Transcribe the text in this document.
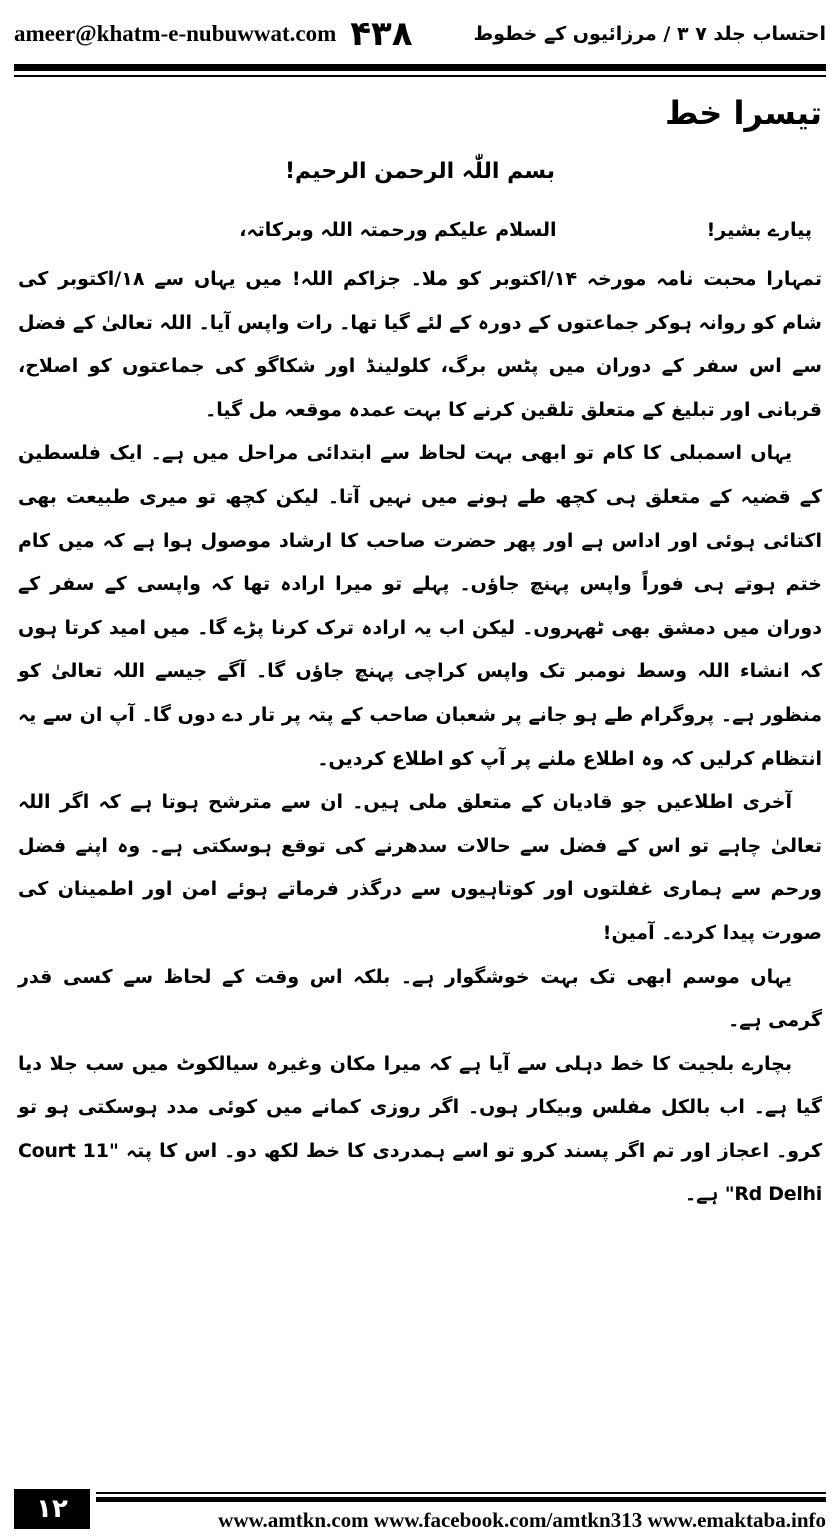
ameer@khatm-e-nubuwwat.com ۴۳۸	احتساب جلد ۷ ۳ / مرزائیوں کے خطوط

تیسرا خط

بسم اللّٰہ الرحمن الرحیم!

پیارے بشیر!
السلام علیکم ورحمتہ اللہ وبرکاتہ،

تمہارا محبت نامہ مورخہ ۱۴/اکتوبر کو ملا۔ جزاکم اللہ! میں یہاں سے ۱۸/اکتوبر کی شام کو روانہ ہوکر جماعتوں کے دورہ کے لئے گیا تھا۔ رات واپس آیا۔ اللہ تعالیٰ کے فضل سے اس سفر کے دوران میں پٹس برگ، کلولینڈ اور شکاگو کی جماعتوں کو اصلاح، قربانی اور تبلیغ کے متعلق تلقین کرنے کا بہت عمدہ موقعہ مل گیا۔

یہاں اسمبلی کا کام تو ابھی بہت لحاظ سے ابتدائی مراحل میں ہے۔ ایک فلسطین کے قضیہ کے متعلق ہی کچھ طے ہونے میں نہیں آتا۔ لیکن کچھ تو میری طبیعت بھی اکتائی ہوئی اور اداس ہے اور پھر حضرت صاحب کا ارشاد موصول ہوا ہے کہ میں کام ختم ہوتے ہی فوراً واپس پہنچ جاؤں۔ پہلے تو میرا ارادہ تھا کہ واپسی کے سفر کے دوران میں دمشق بھی ٹھہروں۔ لیکن اب یہ ارادہ ترک کرنا پڑے گا۔ میں امید کرتا ہوں کہ انشاء اللہ وسط نومبر تک واپس کراچی پہنچ جاؤں گا۔ آگے جیسے اللہ تعالیٰ کو منظور ہے۔ پروگرام طے ہو جانے پر شعبان صاحب کے پتہ پر تار دے دوں گا۔ آپ ان سے یہ انتظام کرلیں کہ وہ اطلاع ملنے پر آپ کو اطلاع کردیں۔

آخری اطلاعیں جو قادیان کے متعلق ملی ہیں۔ ان سے مترشح ہوتا ہے کہ اگر اللہ تعالیٰ چاہے تو اس کے فضل سے حالات سدھرنے کی توقع ہوسکتی ہے۔ وہ اپنے فضل ورحم سے ہماری غفلتوں اور کوتاہیوں سے درگذر فرماتے ہوئے امن اور اطمینان کی صورت پیدا کردے۔ آمین!

یہاں موسم ابھی تک بہت خوشگوار ہے۔ بلکہ اس وقت کے لحاظ سے کسی قدر گرمی ہے۔

بچارے بلجیت کا خط دہلی سے آیا ہے کہ میرا مکان وغیرہ سیالکوٹ میں سب جلا دیا گیا ہے۔ اب بالکل مفلس وبیکار ہوں۔ اگر روزی کمانے میں کوئی مدد ہوسکتی ہو تو کرو۔ اعجاز اور تم اگر پسند کرو تو اسے ہمدردی کا خط لکھ دو۔ اس کا پتہ "11 Court Rd Delhi" ہے۔

۱۲	www.amtkn.com www.facebook.com/amtkn313 www.emaktaba.info
